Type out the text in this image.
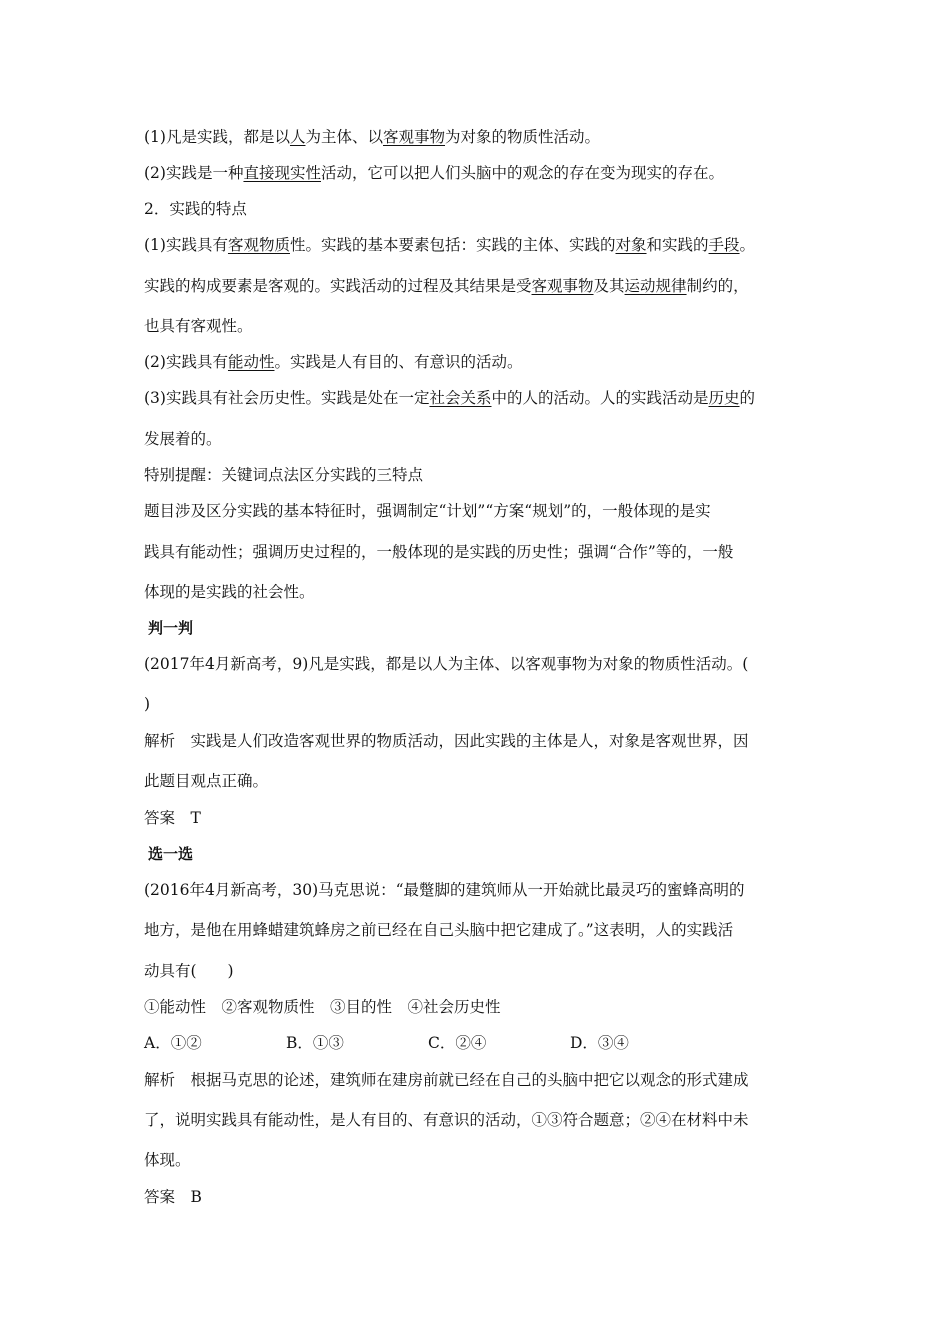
(1)凡是实践，都是以人为主体、以客观事物为对象的物质性活动。
(2)实践是一种直接现实性活动，它可以把人们头脑中的观念的存在变为现实的存在。
2．实践的特点
(1)实践具有客观物质性。实践的基本要素包括：实践的主体、实践的对象和实践的手段。
实践的构成要素是客观的。实践活动的过程及其结果是受客观事物及其运动规律制约的，
也具有客观性。
(2)实践具有能动性。实践是人有目的、有意识的活动。
(3)实践具有社会历史性。实践是处在一定社会关系中的人的活动。人的实践活动是历史的
发展着的。
特别提醒：关键词点法区分实践的三特点
题目涉及区分实践的基本特征时，强调制定“计划”“方案“规划”的，一般体现的是实
践具有能动性；强调历史过程的，一般体现的是实践的历史性；强调“合作”等的，一般
体现的是实践的社会性。
判一判
(2017年4月新高考，9)凡是实践，都是以人为主体、以客观事物为对象的物质性活动。(
)
解析　实践是人们改造客观世界的物质活动，因此实践的主体是人，对象是客观世界，因
此题目观点正确。
答案　T
选一选
(2016年4月新高考，30)马克思说：“最蹩脚的建筑师从一开始就比最灵巧的蜜蜂高明的
地方，是他在用蜂蜡建筑蜂房之前已经在自己头脑中把它建成了。”这表明，人的实践活
动具有(　　)
①能动性　②客观物质性　③目的性　④社会历史性
A．①②	B．①③	C．②④	D．③④
解析　根据马克思的论述，建筑师在建房前就已经在自己的头脑中把它以观念的形式建成
了，说明实践具有能动性，是人有目的、有意识的活动，①③符合题意；②④在材料中未
体现。
答案　B
